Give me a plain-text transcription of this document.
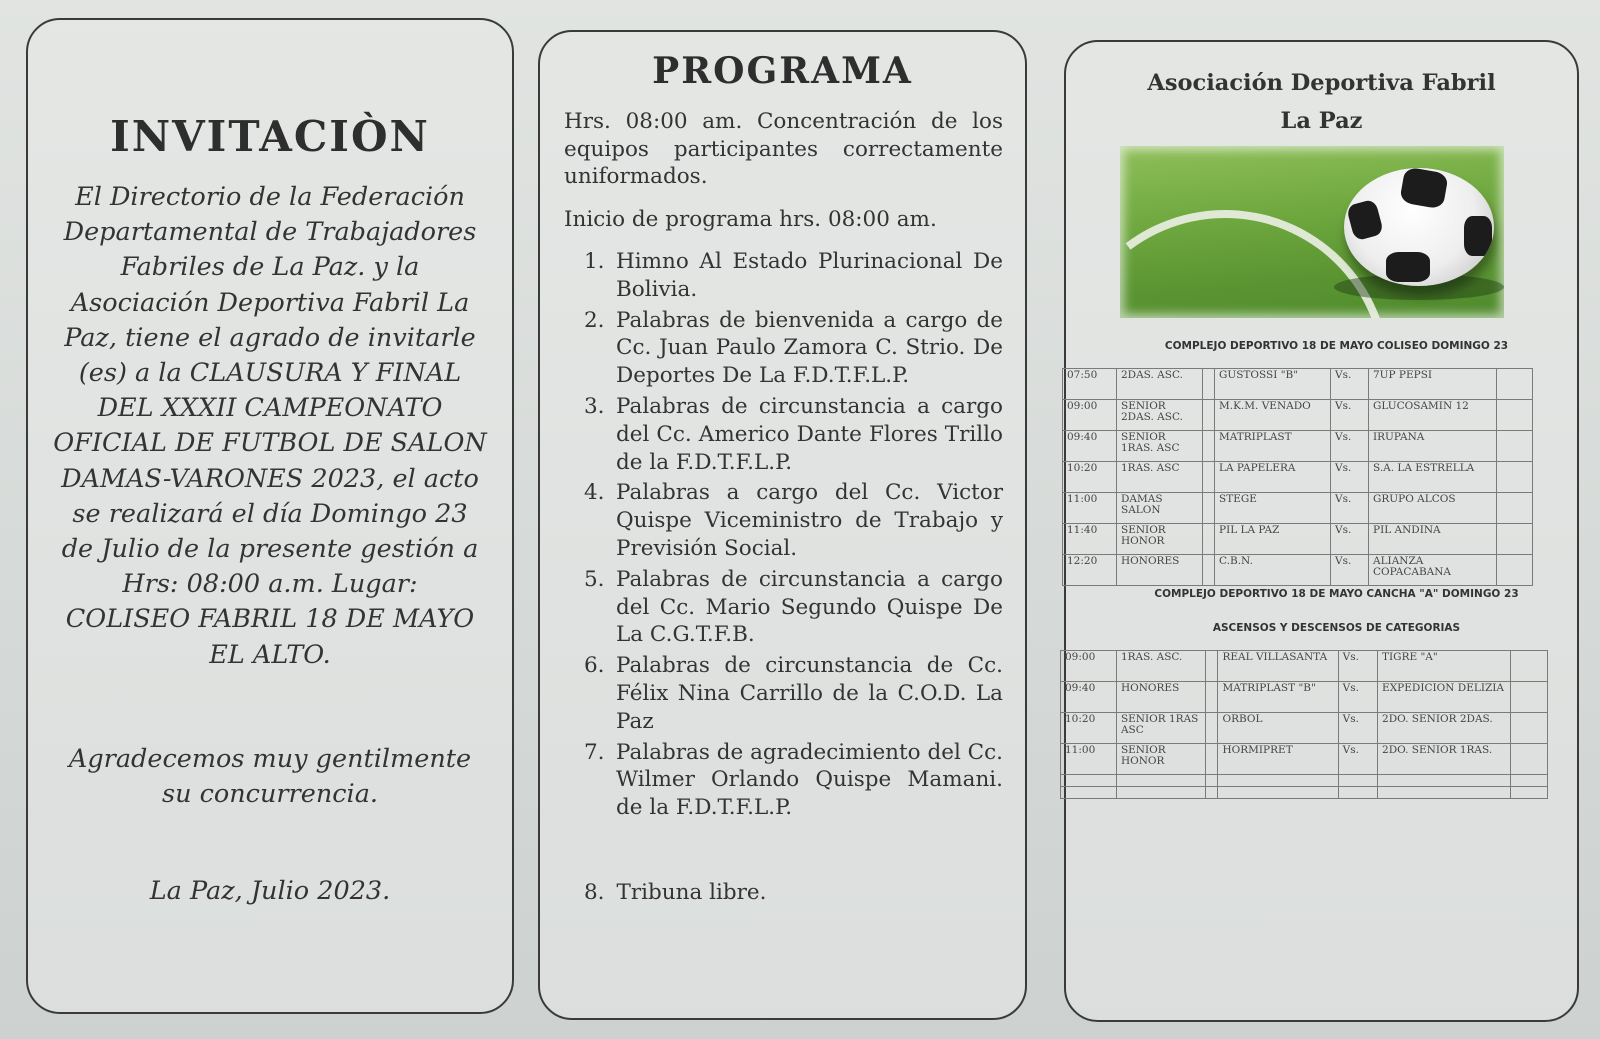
INVITACIÒN
El Directorio de la Federación
Departamental de Trabajadores
Fabriles de La Paz. y la
Asociación Deportiva Fabril La
Paz, tiene el agrado de invitarle
(es) a la CLAUSURA Y FINAL
DEL XXXII CAMPEONATO
OFICIAL DE FUTBOL DE SALON
DAMAS-VARONES 2023, el acto
se realizará el día Domingo 23
de Julio de la presente gestión a
Hrs: 08:00 a.m. Lugar:
COLISEO FABRIL 18 DE MAYO
EL ALTO.
Agradecemos muy gentilmente
su concurrencia.
La Paz, Julio 2023.
PROGRAMA
Hrs. 08:00 am. Concentración de los equipos participantes correctamente uniformados.
Inicio de programa hrs. 08:00 am.
1. Himno Al Estado Plurinacional De Bolivia.
2. Palabras de bienvenida a cargo de Cc. Juan Paulo Zamora C. Strio. De Deportes De La F.D.T.F.L.P.
3. Palabras de circunstancia a cargo del Cc. Americo Dante Flores Trillo de la F.D.T.F.L.P.
4. Palabras a cargo del Cc. Victor Quispe Viceministro de Trabajo y Previsión Social.
5. Palabras de circunstancia a cargo del Cc. Mario Segundo Quispe De La C.G.T.F.B.
6. Palabras de circunstancia de Cc. Félix Nina Carrillo de la C.O.D. La Paz
7. Palabras de agradecimiento del Cc. Wilmer Orlando Quispe Mamani. de la F.D.T.F.L.P.
8. Tribuna libre.
Asociación Deportiva Fabril
La Paz
COMPLEJO DEPORTIVO 18 DE MAYO COLISEO DOMINGO 23
07:50	2DAS. ASC.		GUSTOSSI "B"	Vs.	7UP PEPSI	
09:00	SENIOR 2DAS. ASC.		M.K.M. VENADO	Vs.	GLUCOSAMIN 12	
09:40	SENIOR 1RAS. ASC		MATRIPLAST	Vs.	IRUPANA	
10:20	1RAS. ASC		LA PAPELERA	Vs.	S.A. LA ESTRELLA	
11:00	DAMAS SALON		STEGE	Vs.	GRUPO ALCOS	
11:40	SENIOR HONOR		PIL LA PAZ	Vs.	PIL ANDINA	
12:20	HONORES		C.B.N.	Vs.	ALIANZA COPACABANA	
COMPLEJO DEPORTIVO 18 DE MAYO CANCHA "A" DOMINGO 23
ASCENSOS Y DESCENSOS DE CATEGORIAS
09:00	1RAS. ASC.		REAL VILLASANTA	Vs.	TIGRE "A"	
09:40	HONORES		MATRIPLAST "B"	Vs.	EXPEDICION DELIZIA	
10:20	SENIOR 1RAS ASC		ORBOL	Vs.	2DO. SENIOR 2DAS.	
11:00	SENIOR HONOR		HORMIPRET	Vs.	2DO. SENIOR 1RAS.	
